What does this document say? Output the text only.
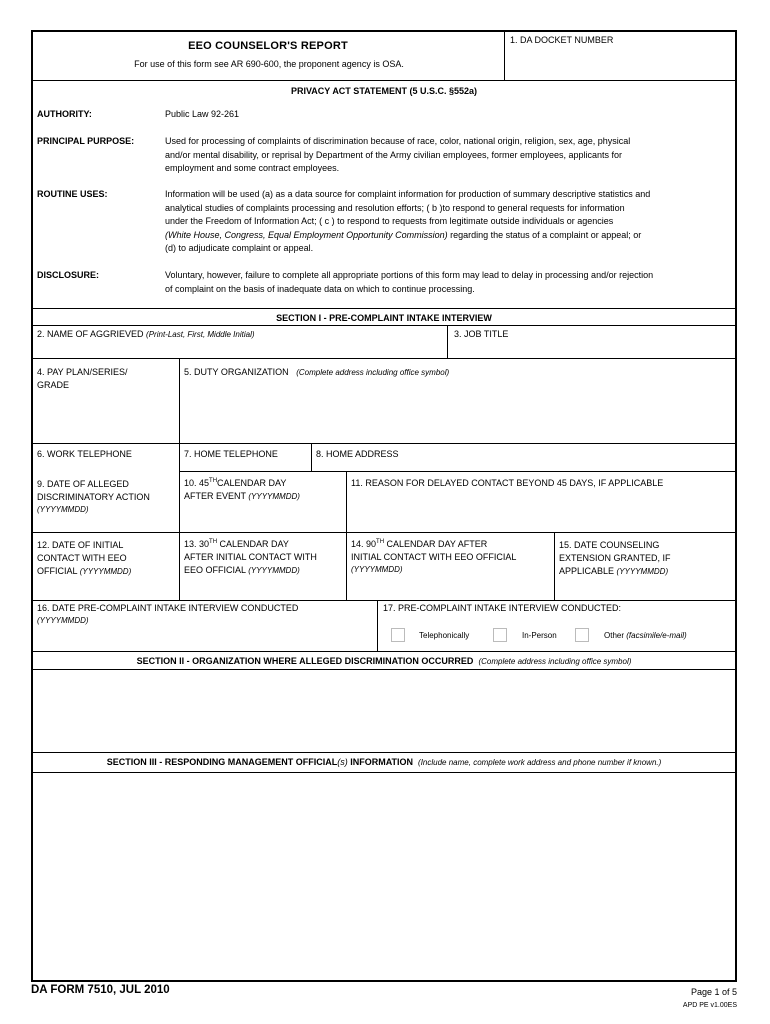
EEO COUNSELOR'S REPORT
For use of this form see AR 690-600, the proponent agency is OSA.
1. DA DOCKET NUMBER
PRIVACY ACT STATEMENT (5 U.S.C. §552a)
AUTHORITY:	Public Law 92-261
PRINCIPAL PURPOSE:	Used for processing of complaints of discrimination because of race, color, national origin, religion, sex, age, physical

and/or mental disability, or reprisal by Department of the Army civilian employees, former employees, applicants for

employment and some contract employees.

ROUTINE USES:	Information will be used (a) as a data source for complaint information for production of summary descriptive statistics and

analytical studies of complaints processing and resolution efforts; ( b )to respond to general requests for information

under the Freedom of Information Act; ( c ) to respond to requests from legitimate outside individuals or agencies

(White House, Congress, Equal Employment Opportunity Commission) regarding the status of a complaint or appeal; or

(d) to adjudicate complaint or appeal.

DISCLOSURE:	Voluntary, however, failure to complete all appropriate portions of this form may lead to delay in processing and/or rejection

of complaint on the basis of inadequate data on which to continue processing.

SECTION I - PRE-COMPLAINT INTAKE INTERVIEW
2. NAME OF AGGRIEVED (Print-Last, First, Middle Initial)	3. JOB TITLE
4. PAY PLAN/SERIES/
GRADE
5. DUTY ORGANIZATION (Complete address including office symbol)
6. WORK TELEPHONE	7. HOME TELEPHONE	8. HOME ADDRESS
9. DATE OF ALLEGED
DISCRIMINATORY ACTION
(YYYYMMDD)
10. 45THCALENDAR DAY
AFTER EVENT (YYYYMMDD)
11. REASON FOR DELAYED CONTACT BEYOND 45 DAYS, IF APPLICABLE
12. DATE OF INITIAL
CONTACT WITH EEO
OFFICIAL (YYYYMMDD)
13. 30TH CALENDAR DAY
AFTER INITIAL CONTACT WITH
EEO OFFICIAL (YYYYMMDD)
14. 90TH CALENDAR DAY AFTER
INITIAL CONTACT WITH EEO OFFICIAL
(YYYYMMDD)
15. DATE COUNSELING
EXTENSION GRANTED, IF
APPLICABLE (YYYYMMDD)
16. DATE PRE-COMPLAINT INTAKE INTERVIEW CONDUCTED
(YYYYMMDD)
17. PRE-COMPLAINT INTAKE INTERVIEW CONDUCTED:
Telephonically	In-Person	Other (facsimile/e-mail)
SECTION II - ORGANIZATION WHERE ALLEGED DISCRIMINATION OCCURRED (Complete address including office symbol)
SECTION III - RESPONDING MANAGEMENT OFFICIAL(s) INFORMATION (Include name, complete work address and phone number if known.)
DA FORM 7510, JUL 2010	Page 1 of 5
APD PE v1.00ES
